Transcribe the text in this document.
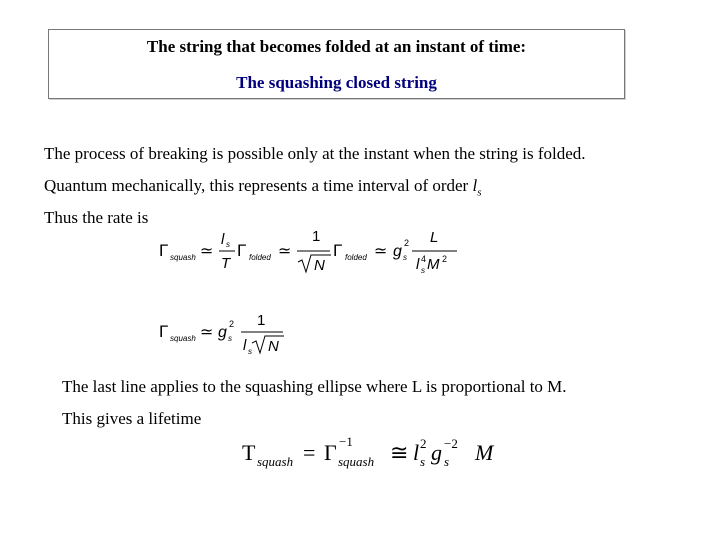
The string that becomes folded at an instant of time:
The squashing closed string
The process of breaking is possible only at the instant when the string is folded.
Quantum mechanically, this represents a time interval of order $l_s$
Thus the rate is
Γ squash ≃
l s
T
Γ folded ≃
1
N
Γ folded ≃ g 2
s
L
l 4
s M 2
Γ squash ≃ g 2
s
1
l s N
The last line applies to the squashing ellipse where L is proportional to M.
This gives a lifetime
T squash = Γ −1
squash ≅ l 2
s g −2
s M
